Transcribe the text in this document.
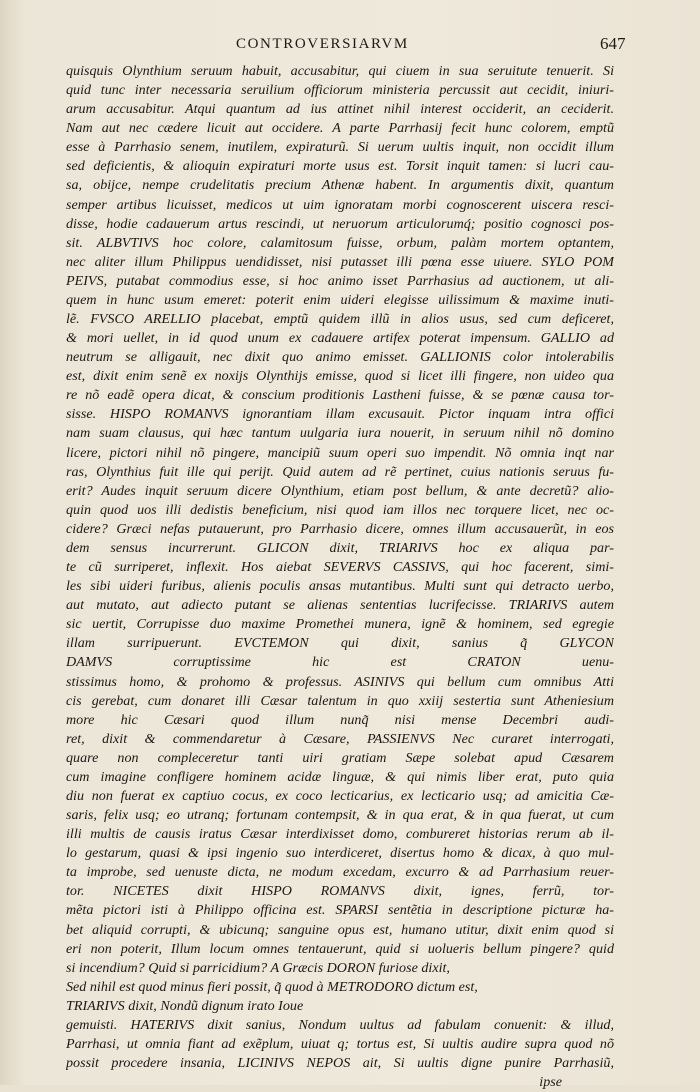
CONTROVERSIARVM	647
quisquis Olynthium seruum habuit, accusabitur, qui ciuem in sua seruitute tenuerit. Si
quid tunc inter necessaria seruilium officiorum ministeria percussit aut cecidit, iniuri-
arum accusabitur. Atqui quantum ad ius attinet nihil interest occiderit, an ceciderit.
Nam aut nec cædere licuit aut occidere. A parte Parrhasij fecit hunc colorem, emptũ
esse à Parrhasio senem, inutilem, expiraturũ. Si uerum uultis inquit, non occidit illum
sed deficientis, & alioquin expiraturi morte usus est. Torsit inquit tamen: si lucri cau-
sa, obijce, nempe crudelitatis precium Athenæ habent. In argumentis dixit, quantum
semper artibus licuisset, medicos ut uim ignoratam morbi cognoscerent uiscera resci-
disse, hodie cadauerum artus rescindi, ut neruorum articulorumq́; positio cognosci pos-
sit. ALBVTIVS hoc colore, calamitosum fuisse, orbum, palàm mortem optantem,
nec aliter illum Philippus uendidisset, nisi putasset illi pœna esse uiuere. SYLO POM
PEIVS, putabat commodius esse, si hoc animo isset Parrhasius ad auctionem, ut ali-
quem in hunc usum emeret: poterit enim uideri elegisse uilissimum & maxime inuti-
lẽ. FVSCO ARELLIO placebat, emptũ quidem illũ in alios usus, sed cum deficeret,
& mori uellet, in id quod unum ex cadauere artifex poterat impensum. GALLIO ad
neutrum se alligauit, nec dixit quo animo emisset. GALLIONIS color intolerabilis
est, dixit enim senẽ ex noxijs Olynthijs emisse, quod si licet illi fingere, non uideo qua
re nõ eadẽ opera dicat, & conscium proditionis Lastheni fuisse, & se pœnæ causa tor-
sisse. HISPO ROMANVS ignorantiam illam excusauit. Pictor inquam intra offici
nam suam clausus, qui hæc tantum uulgaria iura nouerit, in seruum nihil nõ domino
licere, pictori nihil nõ pingere, mancipiũ suum operi suo impendit. Nõ omnia inqt nar
ras, Olynthius fuit ille qui perijt. Quid autem ad rẽ pertinet, cuius nationis seruus fu-
erit? Audes inquit seruum dicere Olynthium, etiam post bellum, & ante decretũ? alio-
quin quod uos illi dedistis beneficium, nisi quod iam illos nec torquere licet, nec oc-
cidere? Græci nefas putauerunt, pro Parrhasio dicere, omnes illum accusauerũt, in eos
dem sensus incurrerunt. GLICON dixit, TRIARIVS hoc ex aliqua par-
te cũ surriperet, inflexit. Hos aiebat SEVERVS CASSIVS, qui hoc facerent, simi-
les sibi uideri furibus, alienis poculis ansas mutantibus. Multi sunt qui detracto uerbo,
aut mutato, aut adiecto putant se alienas sententias lucrifecisse. TRIARIVS autem
sic uertit, Corrupisse duo maxime Promethei munera, ignẽ & hominem, sed egregie
illam surripuerunt. EVCTEMON qui dixit, sanius q̃ GLYCON
DAMVS corruptissime hic est CRATON uenu-
stissimus homo, & prohomo & professus. ASINIVS qui bellum cum omnibus Atti
cis gerebat, cum donaret illi Cæsar talentum in quo xxiij sestertia sunt Atheniesium
more hic Cæsari quod illum nunq̃ nisi mense Decembri audi-
ret, dixit & commendaretur à Cæsare, PASSIENVS Nec curaret interrogati,
quare non compleceretur tanti uiri gratiam Sæpe solebat apud Cæsarem
cum imagine confligere hominem acidæ linguæ, & qui nimis liber erat, puto quia
diu non fuerat ex captiuo cocus, ex coco lecticarius, ex lecticario usq; ad amicitia Cæ-
saris, felix usq; eo utranq; fortunam contempsit, & in qua erat, & in qua fuerat, ut cum
illi multis de causis iratus Cæsar interdixisset domo, combureret historias rerum ab il-
lo gestarum, quasi & ipsi ingenio suo interdiceret, disertus homo & dicax, à quo mul-
ta improbe, sed uenuste dicta, ne modum excedam, excurro & ad Parrhasium reuer-
tor. NICETES dixit HISPO ROMANVS dixit, ignes, ferrũ, tor-
mẽta pictori isti à Philippo officina est. SPARSI sentẽtia in descriptione picturæ ha-
bet aliquid corrupti, & ubicunq; sanguine opus est, humano utitur, dixit enim quod si
eri non poterit, Illum locum omnes tentauerunt, quid si uolueris bellum pingere? quid
si incendium? Quid si parricidium? A Græcis DORON furiose dixit,
Sed nihil est quod minus fieri possit, q̃ quod à METRODORO dictum est,
TRIARIVS dixit, Nondũ dignum irato Ioue
gemuisti. HATERIVS dixit sanius, Nondum uultus ad fabulam conuenit: & illud,
Parrhasi, ut omnia fiant ad exẽplum, uiuat q; tortus est, Si uultis audire supra quod nõ
possit procedere insania, LICINIVS NEPOS ait, Si uultis digne punire Parrhasiũ,
ipse
